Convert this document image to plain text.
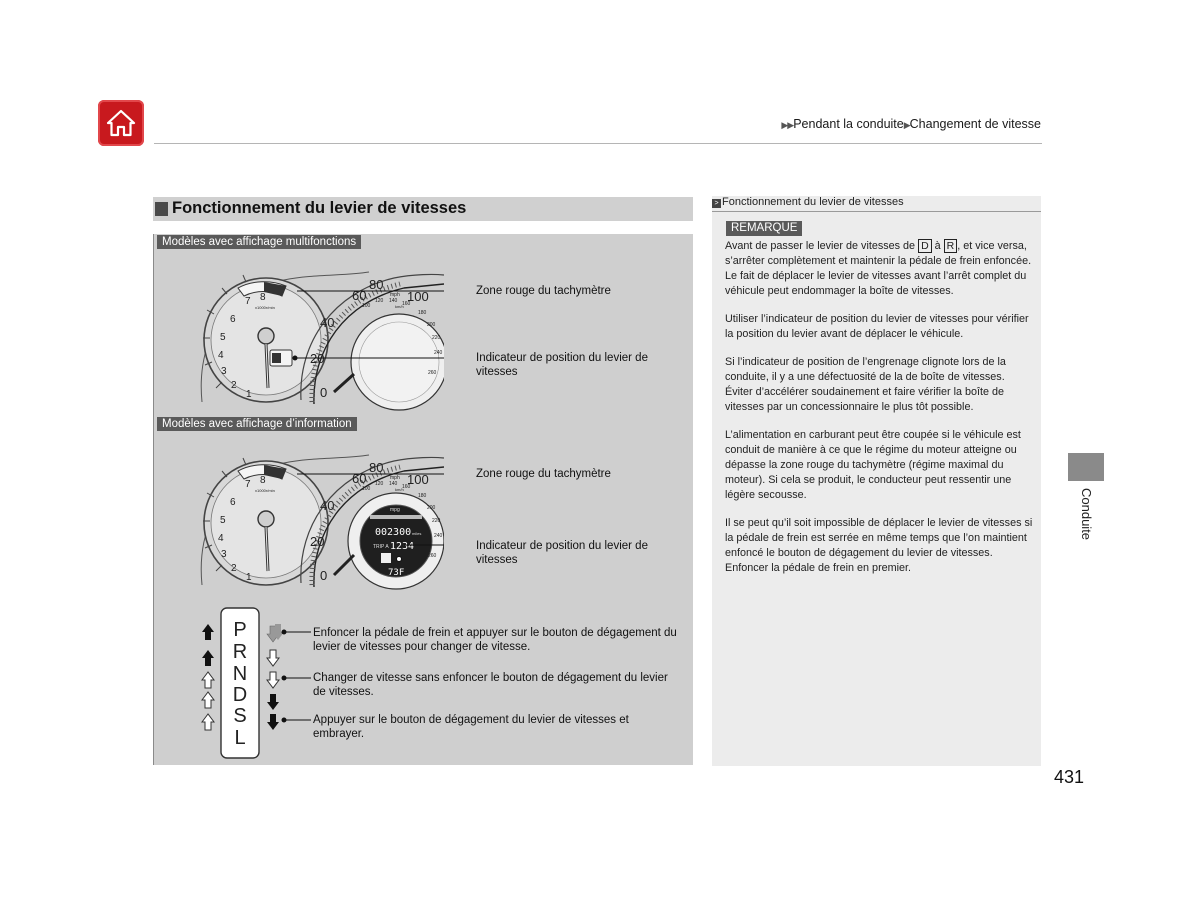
▶▶Pendant la conduite▶Changement de vitesse
Fonctionnement du levier de vitesses
Modèles avec affichage multifonctions
Modèles avec affichage d’information
7 8
6
5
4
3
2
1
x1000r/min
80
mph
60	100
40
20
0
100
120 140 160
180
200
220
240
260
km/h
Zone rouge du tachymètre
Indicateur de position du levier de vitesses
7 8
6
5
4
3
2
1
x1000r/min
mpg
002300 miles
TRIP A 1234
73F
80
mph
60	100
40
20
0
100
120 140 160
180
200
220
240
260
km/h
Zone rouge du tachymètre
Indicateur de position du levier de vitesses
P
R
N
D
S
L
Enfoncer la pédale de frein et appuyer sur le bouton de dégagement du levier de vitesses pour changer de vitesse.
Changer de vitesse sans enfoncer le bouton de dégagement du levier de vitesses.
Appuyer sur le bouton de dégagement du levier de vitesses et embrayer.
> Fonctionnement du levier de vitesses
REMARQUE

Avant de passer le levier de vitesses de D à R , et vice versa, s’arrêter complètement et maintenir la pédale de frein enfoncée.
Le fait de déplacer le levier de vitesses avant l’arrêt complet du véhicule peut endommager la boîte de vitesses.

Utiliser l’indicateur de position du levier de vitesses pour vérifier la position du levier avant de déplacer le véhicule.

Si l’indicateur de position de l’engrenage clignote lors de la conduite, il y a une défectuosité de la de boîte de vitesses. Éviter d’accélérer soudainement et faire vérifier la boîte de vitesses par un concessionnaire le plus tôt possible.

L’alimentation en carburant peut être coupée si le véhicule est conduit de manière à ce que le régime du moteur atteigne ou dépasse la zone rouge du tachymètre (régime maximal du moteur). Si cela se produit, le conducteur peut ressentir une légère secousse.

Il se peut qu’il soit impossible de déplacer le levier de vitesses si la pédale de frein est serrée en même temps que l’on maintient enfoncé le bouton de dégagement du levier de vitesses.
Enfoncer la pédale de frein en premier.

Conduite
431
